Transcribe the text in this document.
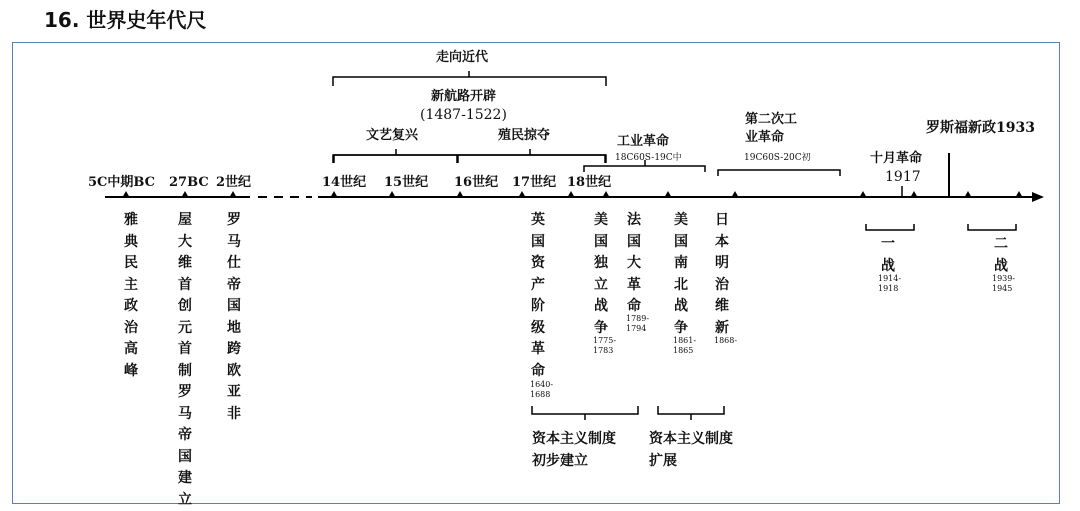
16. 世界史年代尺
走向近代
新航路开辟
(1487-1522)
文艺复兴	殖民掠夺	工业革命
18C60S-19C中
第二次工
业革命
19C60S-20C初	十月革命
1917
罗斯福新政1933
5C中期BC 27BC 2世纪	14世纪 15世纪 16世纪 17世纪 18世纪
雅典民主政治高峰
屋大维首创元首制罗马帝国建立
罗马仕帝国地跨欧亚非
英国资产阶级革命
1640-
1688
美国独立战争
1775-
1783
法国大革命
1789-
1794
美国南北战争
1861-
1865
日本明治维新
1868-
一战
1914-
1918
二战
1939-
1945
资本主义制度
初步建立
资本主义制度
扩展
